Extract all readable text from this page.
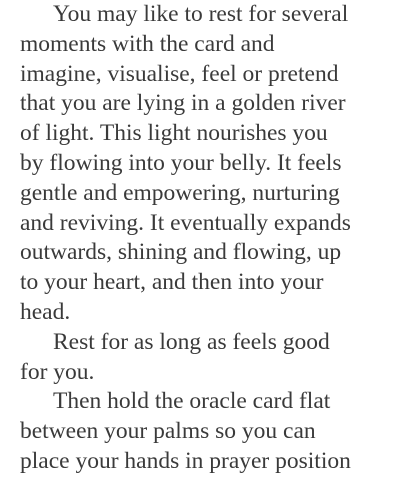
You may like to rest for several
moments with the card and
imagine, visualise, feel or pretend
that you are lying in a golden river
of light. This light nourishes you
by flowing into your belly. It feels
gentle and empowering, nurturing
and reviving. It eventually expands
outwards, shining and flowing, up
to your heart, and then into your
head.
Rest for as long as feels good
for you.
Then hold the oracle card flat
between your palms so you can
place your hands in prayer position
